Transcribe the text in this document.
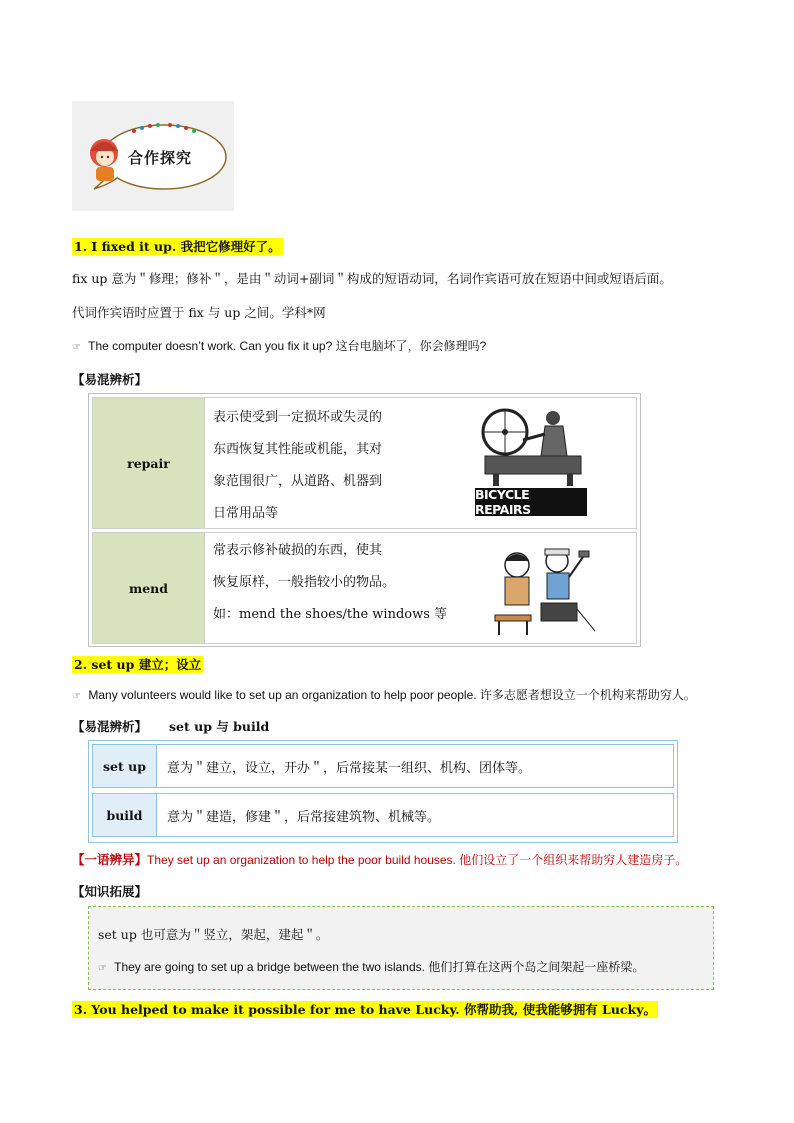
合作探究
1. I fixed it up. 我把它修理好了。
fix up 意为＂修理；修补＂，是由＂动词+副词＂构成的短语动词，名词作宾语可放在短语中间或短语后面。
代词作宾语时应置于 fix 与 up 之间。学科*网
☞ The computer doesn’t work. Can you fix it up? 这台电脑坏了，你会修理吗?
【易混辨析】
repair
表示使受到一定损坏或失灵的
东西恢复其性能或机能，其对
象范围很广，从道路、机器到
日常用品等
BICYCLE REPAIRS
mend
常表示修补破损的东西，使其
恢复原样，一般指较小的物品。
如：mend the shoes/the windows 等
2. set up 建立；设立
☞ Many volunteers would like to set up an organization to help poor people. 许多志愿者想设立一个机构来帮助穷人。
【易混辨析】 set up 与 build
set up	意为＂建立，设立，开办＂，后常接某一组织、机构、团体等。
build	意为＂建造，修建＂，后常接建筑物、机械等。
【一语辨异】They set up an organization to help the poor build houses. 他们设立了一个组织来帮助穷人建造房子。
【知识拓展】
set up 也可意为＂竖立，架起，建起＂。
☞ They are going to set up a bridge between the two islands. 他们打算在这两个岛之间架起一座桥梁。
3. You helped to make it possible for me to have Lucky. 你帮助我, 使我能够拥有 Lucky。
